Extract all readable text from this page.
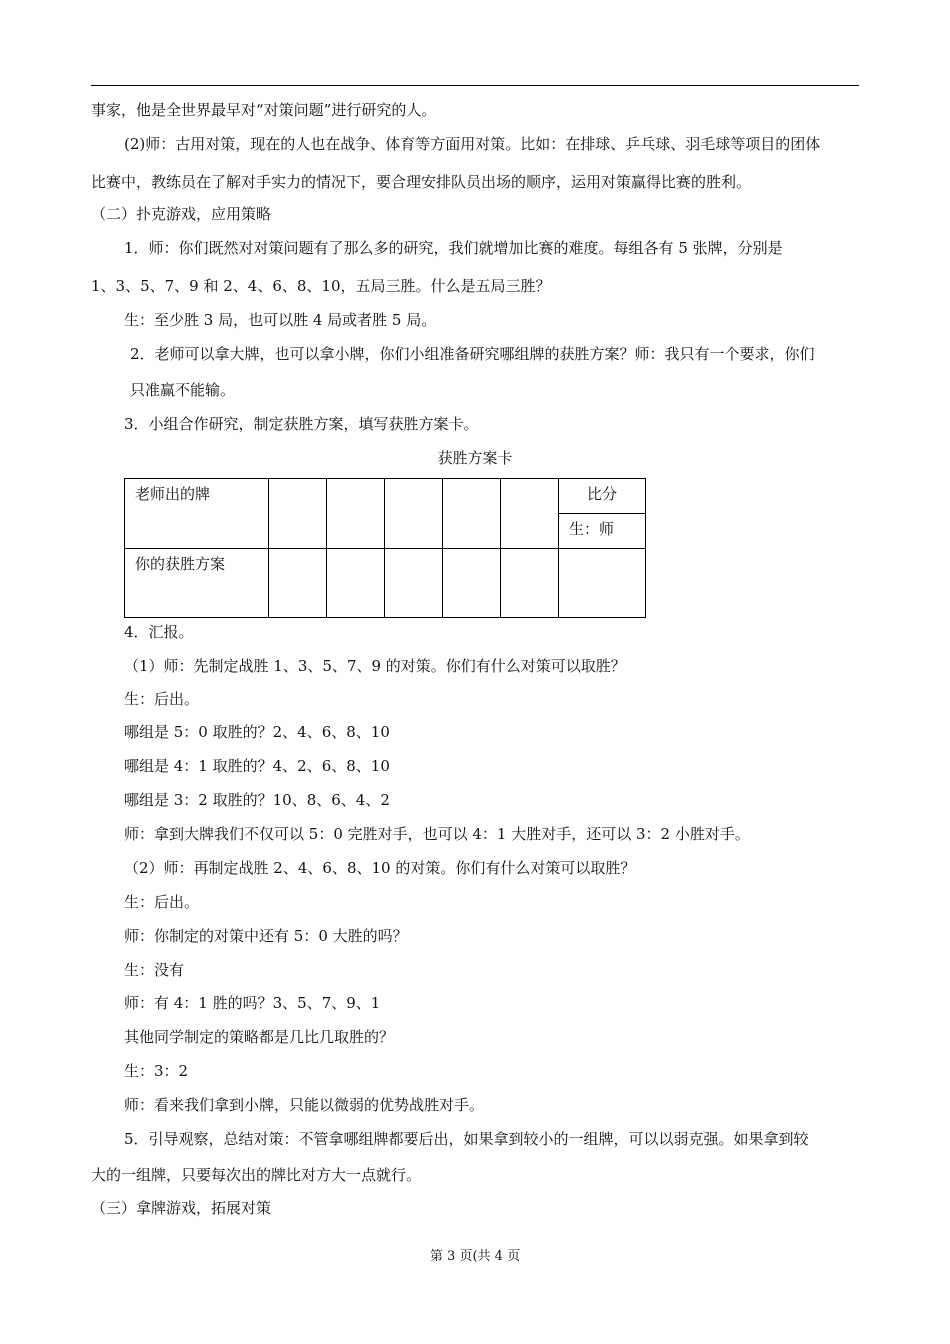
事家，他是全世界最早对“对策问题”进行研究的人。
(2)师：古用对策，现在的人也在战争、体育等方面用对策。比如：在排球、乒乓球、羽毛球等项目的团体
比赛中，教练员在了解对手实力的情况下，要合理安排队员出场的顺序，运用对策赢得比赛的胜利。
（二）扑克游戏，应用策略
1．师：你们既然对对策问题有了那么多的研究，我们就增加比赛的难度。每组各有 5 张牌，分别是
1、3、5、7、9 和 2、4、6、8、10，五局三胜。什么是五局三胜？
生：至少胜 3 局，也可以胜 4 局或者胜 5 局。
2．老师可以拿大牌，也可以拿小牌，你们小组准备研究哪组牌的获胜方案？师：我只有一个要求，你们
只准赢不能输。
3．小组合作研究，制定获胜方案，填写获胜方案卡。
获胜方案卡
老师出的牌						比分

						生：师

你的获胜方案						

4．汇报。
（1）师：先制定战胜 1、3、5、7、9 的对策。你们有什么对策可以取胜？
生：后出。
哪组是 5：0 取胜的？2、4、6、8、10
哪组是 4：1 取胜的？4、2、6、8、10
哪组是 3：2 取胜的？10、8、6、4、2
师：拿到大牌我们不仅可以 5：0 完胜对手，也可以 4：1 大胜对手，还可以 3：2 小胜对手。
（2）师：再制定战胜 2、4、6、8、10 的对策。你们有什么对策可以取胜？
生：后出。
师：你制定的对策中还有 5：0 大胜的吗？
生：没有
师：有 4：1 胜的吗？3、5、7、9、1
其他同学制定的策略都是几比几取胜的？
生：3：2
师：看来我们拿到小牌，只能以微弱的优势战胜对手。
5．引导观察，总结对策：不管拿哪组牌都要后出，如果拿到较小的一组牌，可以以弱克强。如果拿到较
大的一组牌，只要每次出的牌比对方大一点就行。
（三）拿牌游戏，拓展对策
第 3 页(共 4 页
